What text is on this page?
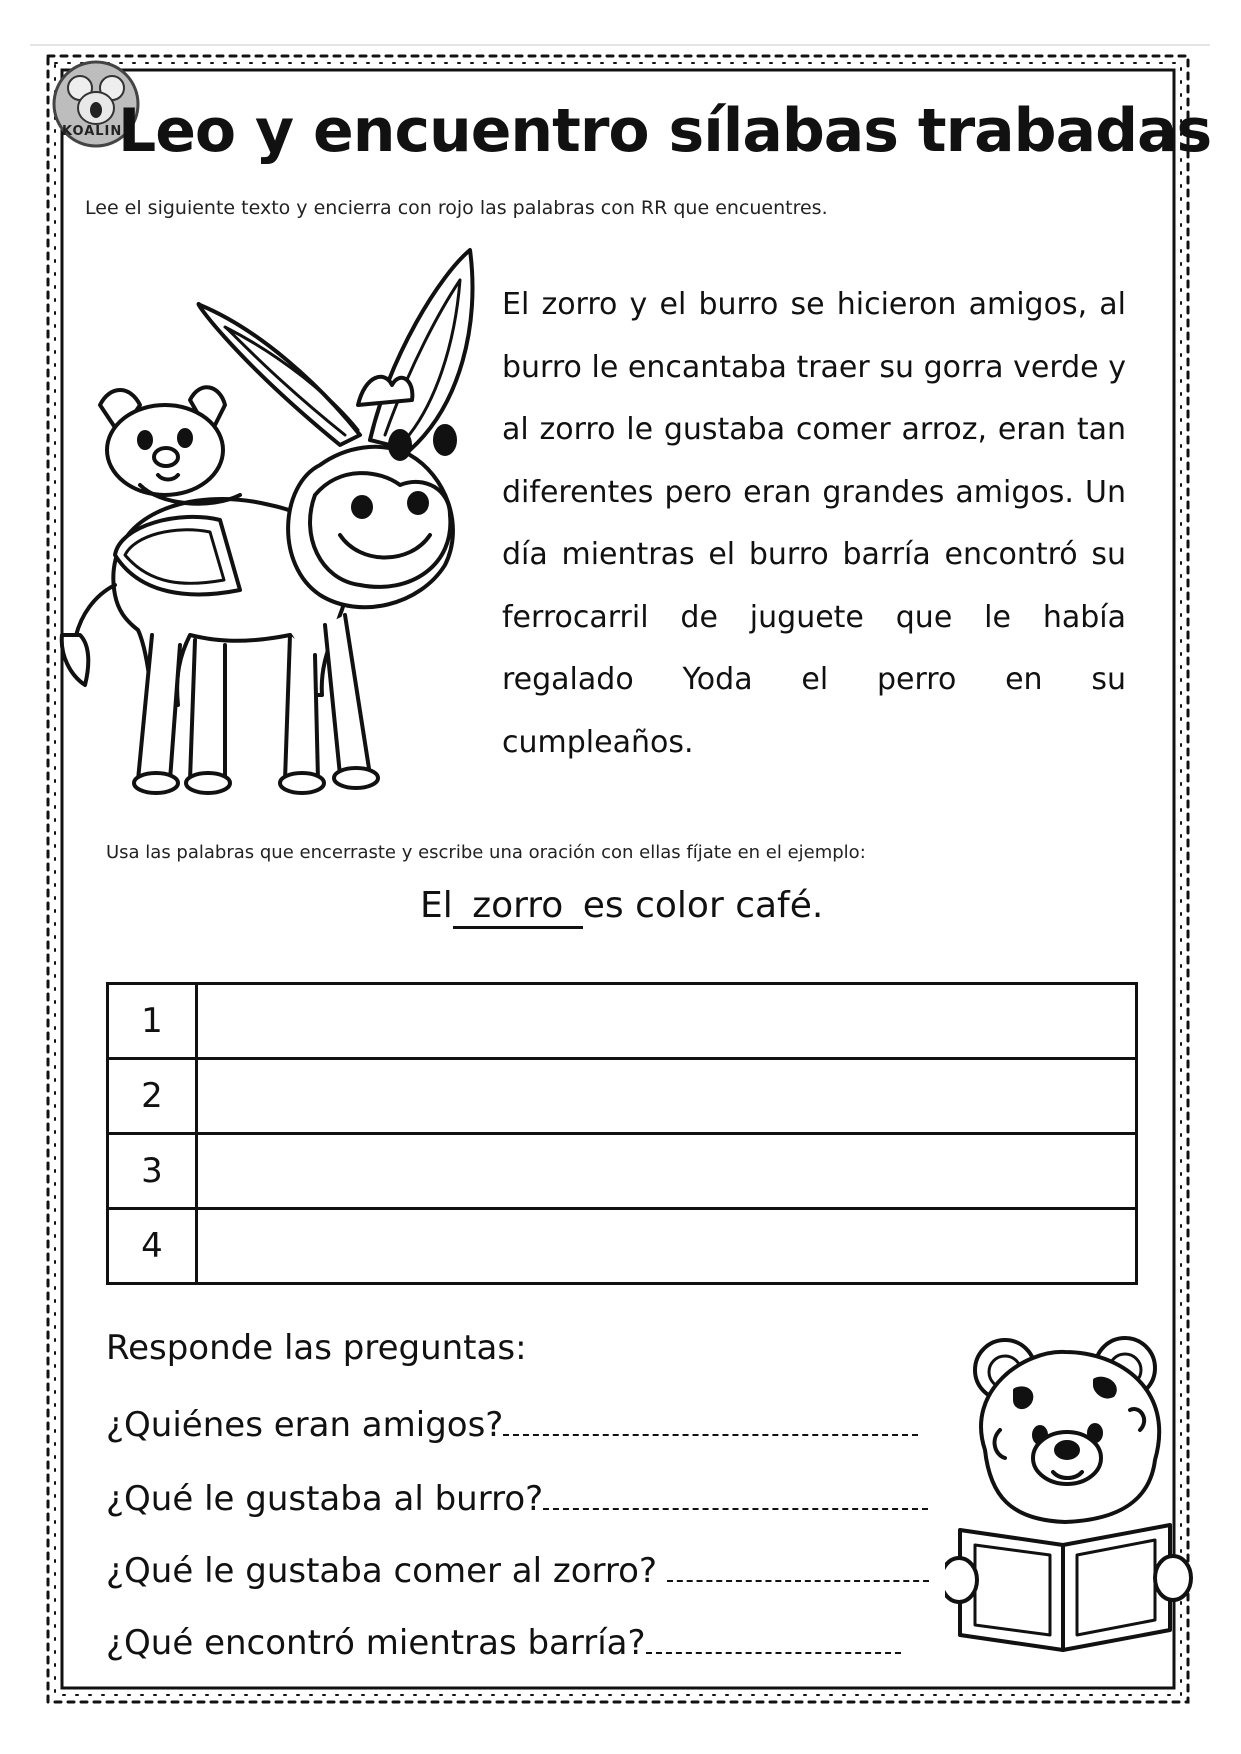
KOALIN
Leo y encuentro sílabas trabadas
Lee el siguiente texto y encierra con rojo las palabras con RR que encuentres.
El zorro y el burro se hicieron amigos, al burro le encantaba traer su gorra verde y al zorro le gustaba comer arroz, eran tan diferentes pero eran grandes amigos. Un día mientras el burro barría encontró su ferrocarril de juguete que le había regalado Yoda el perro en su cumpleaños.
Usa las palabras que encerraste y escribe una oración con ellas fíjate en el ejemplo:
El zorro es color café.
1	
2	
3	
4	
Responde las preguntas:
¿Quiénes eran amigos?
¿Qué le gustaba al burro?
¿Qué le gustaba comer al zorro?
¿Qué encontró mientras barría?
